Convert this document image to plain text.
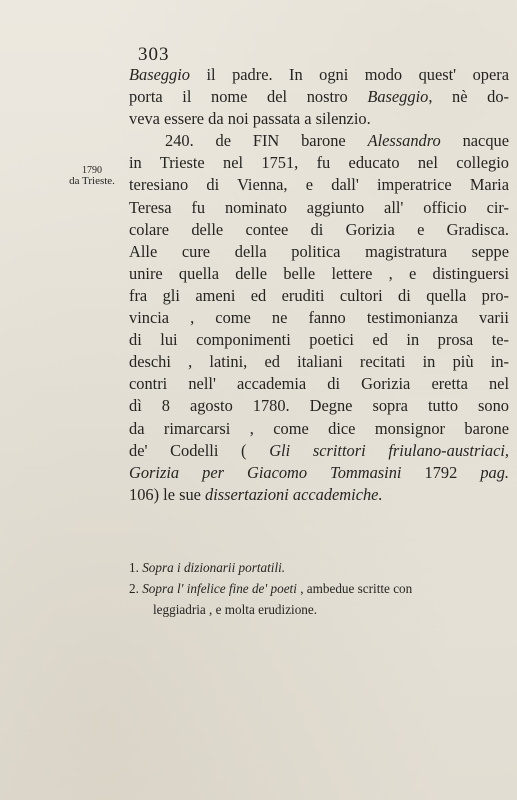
303
1790
da Trieste.
Baseggio il padre. In ogni modo quest' opera
porta il nome del nostro Baseggio, nè do-
veva essere da noi passata a silenzio.
240. de FIN barone Alessandro nacque
in Trieste nel 1751, fu educato nel collegio
teresiano di Vienna, e dall' imperatrice Maria
Teresa fu nominato aggiunto all' officio cir-
colare delle contee di Gorizia e Gradisca.
Alle cure della politica magistratura seppe
unire quella delle belle lettere , e distinguersi
fra gli ameni ed eruditi cultori di quella pro-
vincia , come ne fanno testimonianza varii
di lui componimenti poetici ed in prosa te-
deschi , latini, ed italiani recitati in più in-
contri nell' accademia di Gorizia eretta nel
dì 8 agosto 1780. Degne sopra tutto sono
da rimarcarsi , come dice monsignor barone
de' Codelli ( Gli scrittori friulano-austriaci,
Gorizia per Giacomo Tommasini 1792 pag.
106) le sue dissertazioni accademiche.
1. Sopra i dizionarii portatili.
2. Sopra l' infelice fine de' poeti , ambedue scritte con
leggiadria , e molta erudizione.
